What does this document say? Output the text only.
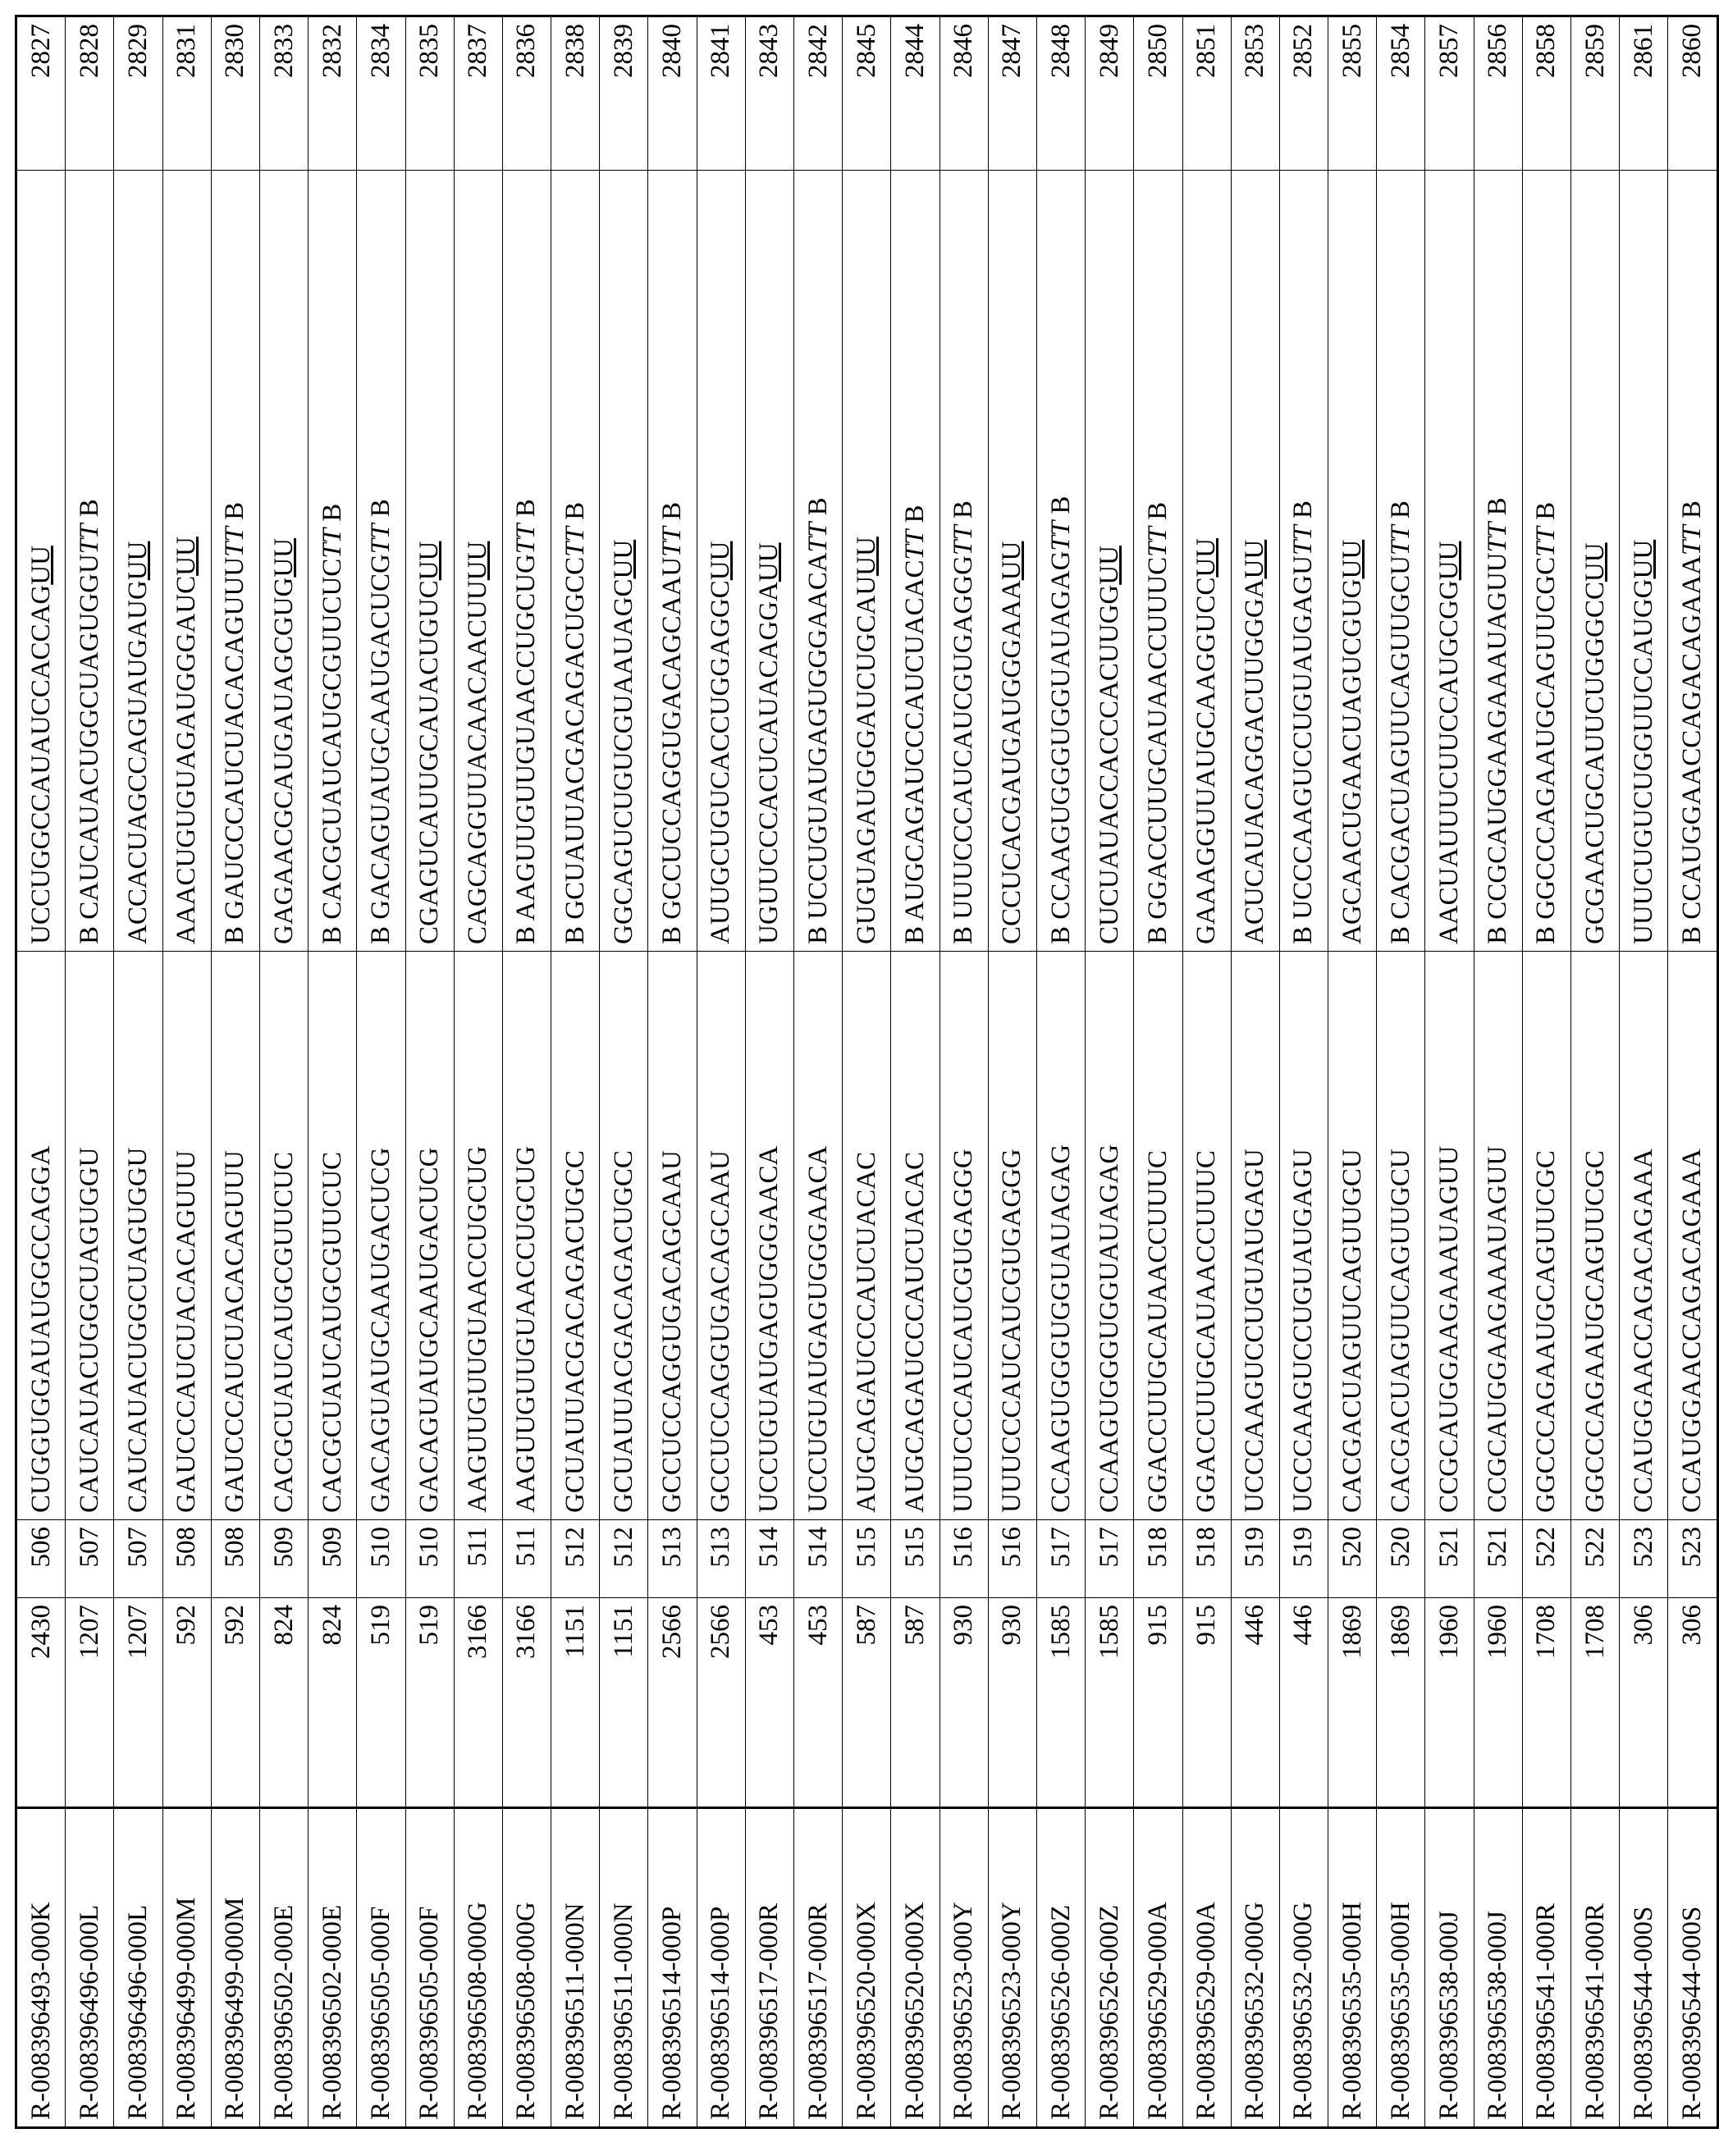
R-008396493-000K	2430	506	CUGGUGGAUAUGGCCAGGA	UCCUGGCCAUAUCCACCAGUU	2827
R-008396496-000L	1207	507	CAUCAUACUGGCUAGUGGU	B CAUCAUACUGGCUAGUGGUTT B	2828
R-008396496-000L	1207	507	CAUCAUACUGGCUAGUGGU	ACCACUAGCCAGUAUGAUGUU	2829
R-008396499-000M	592	508	GAUCCCAUCUACACAGUUU	AAACUGUGUAGAUGGGAUCUU	2831
R-008396499-000M	592	508	GAUCCCAUCUACACAGUUU	B GAUCCCAUCUACACAGUUUTT B	2830
R-008396502-000E	824	509	CACGCUAUCAUGCGUUCUC	GAGAACGCAUGAUAGCGUGUU	2833
R-008396502-000E	824	509	CACGCUAUCAUGCGUUCUC	B CACGCUAUCAUGCGUUCUCTT B	2832
R-008396505-000F	519	510	GACAGUAUGCAAUGACUCG	B GACAGUAUGCAAUGACUCGTT B	2834
R-008396505-000F	519	510	GACAGUAUGCAAUGACUCG	CGAGUCAUUGCAUACUGUCUU	2835
R-008396508-000G	3166	511	AAGUUGUUGUAACCUGCUG	CAGCAGGUUACAACAACUUUU	2837
R-008396508-000G	3166	511	AAGUUGUUGUAACCUGCUG	B AAGUUGUUGUAACCUGCUGTT B	2836
R-008396511-000N	1151	512	GCUAUUACGACAGACUGCC	B GCUAUUACGACAGACUGCCTT B	2838
R-008396511-000N	1151	512	GCUAUUACGACAGACUGCC	GGCAGUCUGUCGUAAUAGCUU	2839
R-008396514-000P	2566	513	GCCUCCAGGUGACAGCAAU	B GCCUCCAGGUGACAGCAAUTT B	2840
R-008396514-000P	2566	513	GCCUCCAGGUGACAGCAAU	AUUGCUGUCACCUGGAGGCUU	2841
R-008396517-000R	453	514	UCCUGUAUGAGUGGGAACA	UGUUCCCACUCAUACAGGAUU	2843
R-008396517-000R	453	514	UCCUGUAUGAGUGGGAACA	B UCCUGUAUGAGUGGGAACATT B	2842
R-008396520-000X	587	515	AUGCAGAUCCCAUCUACAC	GUGUAGAUGGGAUCUGCAUUU	2845
R-008396520-000X	587	515	AUGCAGAUCCCAUCUACAC	B AUGCAGAUCCCAUCUACACTT B	2844
R-008396523-000Y	930	516	UUUCCCAUCAUCGUGAGGG	B UUUCCCAUCAUCGUGAGGGTT B	2846
R-008396523-000Y	930	516	UUUCCCAUCAUCGUGAGGG	CCCUCACGAUGAUGGGAAAUU	2847
R-008396526-000Z	1585	517	CCAAGUGGGUGGUAUAGAG	B CCAAGUGGGUGGUAUAGAGTT B	2848
R-008396526-000Z	1585	517	CCAAGUGGGUGGUAUAGAG	CUCUAUACCACCCACUUGGUU	2849
R-008396529-000A	915	518	GGACCUUGCAUAACCUUUC	B GGACCUUGCAUAACCUUUCTT B	2850
R-008396529-000A	915	518	GGACCUUGCAUAACCUUUC	GAAAGGUUAUGCAAGGUCCUU	2851
R-008396532-000G	446	519	UCCCAAGUCCUGUAUGAGU	ACUCAUACAGGACUUGGGAUU	2853
R-008396532-000G	446	519	UCCCAAGUCCUGUAUGAGU	B UCCCAAGUCCUGUAUGAGUTT B	2852
R-008396535-000H	1869	520	CACGACUAGUUCAGUUGCU	AGCAACUGAACUAGUCGUGUU	2855
R-008396535-000H	1869	520	CACGACUAGUUCAGUUGCU	B CACGACUAGUUCAGUUGCUTT B	2854
R-008396538-000J	1960	521	CCGCAUGGAAGAAAUAGUU	AACUAUUUCUUCCAUGCGGUU	2857
R-008396538-000J	1960	521	CCGCAUGGAAGAAAUAGUU	B CCGCAUGGAAGAAAUAGUUTT B	2856
R-008396541-000R	1708	522	GGCCCAGAAUGCAGUUCGC	B GGCCCAGAAUGCAGUUCGCTT B	2858
R-008396541-000R	1708	522	GGCCCAGAAUGCAGUUCGC	GCGAACUGCAUUCUGGGCCUU	2859
R-008396544-000S	306	523	CCAUGGAACCAGACAGAAA	UUUCUGUCUGGUUCCAUGGUU	2861
R-008396544-000S	306	523	CCAUGGAACCAGACAGAAA	B CCAUGGAACCAGACAGAAATT B	2860
